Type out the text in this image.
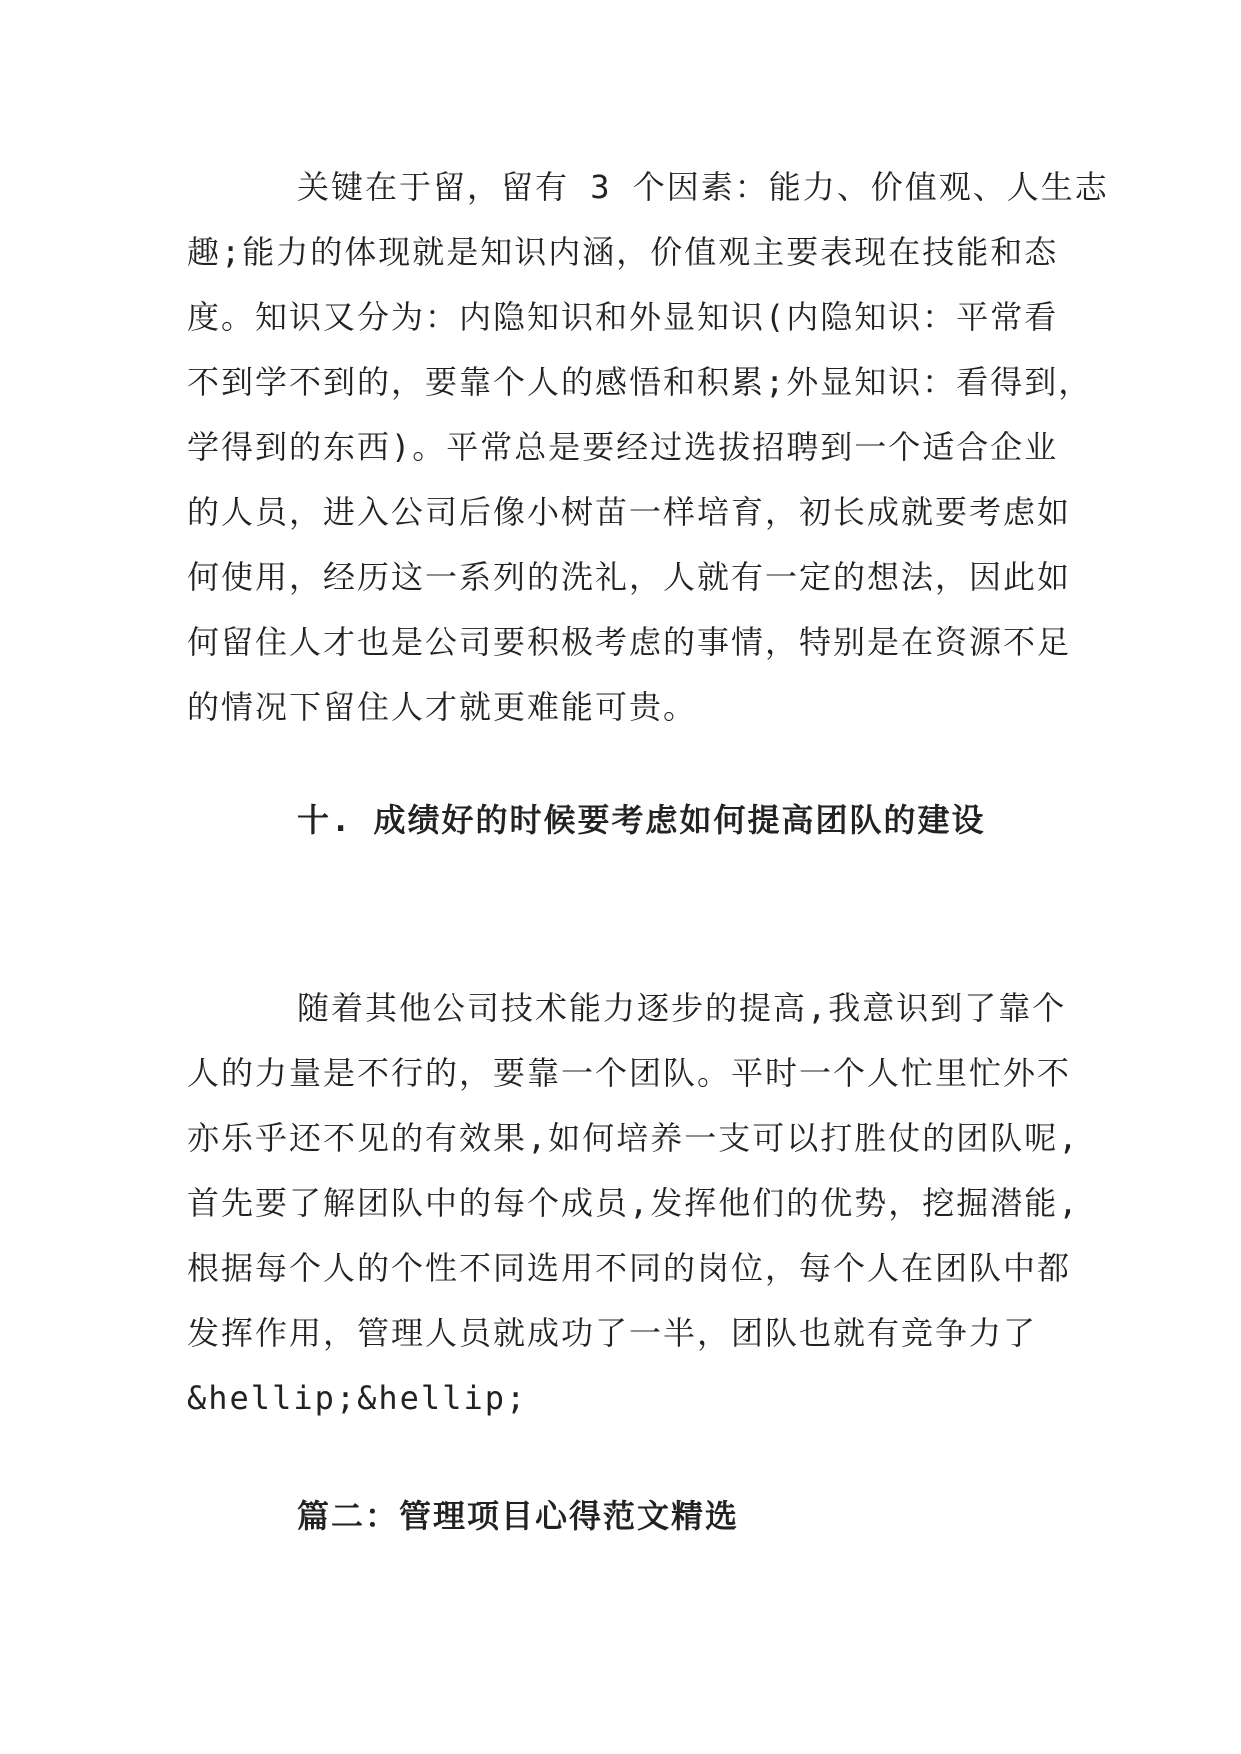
关键在于留，留有 3 个因素：能力、价值观、人生志
趣;能力的体现就是知识内涵，价值观主要表现在技能和态
度。知识又分为：内隐知识和外显知识(内隐知识：平常看
不到学不到的，要靠个人的感悟和积累;外显知识：看得到，
学得到的东西)。平常总是要经过选拔招聘到一个适合企业
的人员，进入公司后像小树苗一样培育，初长成就要考虑如
何使用，经历这一系列的洗礼，人就有一定的想法，因此如
何留住人才也是公司要积极考虑的事情，特别是在资源不足
的情况下留住人才就更难能可贵。
十. 成绩好的时候要考虑如何提高团队的建设
随着其他公司技术能力逐步的提高,我意识到了靠个
人的力量是不行的，要靠一个团队。平时一个人忙里忙外不
亦乐乎还不见的有效果,如何培养一支可以打胜仗的团队呢,
首先要了解团队中的每个成员,发挥他们的优势，挖掘潜能,
根据每个人的个性不同选用不同的岗位，每个人在团队中都
发挥作用，管理人员就成功了一半，团队也就有竞争力了
&hellip;&hellip;
篇二：管理项目心得范文精选
